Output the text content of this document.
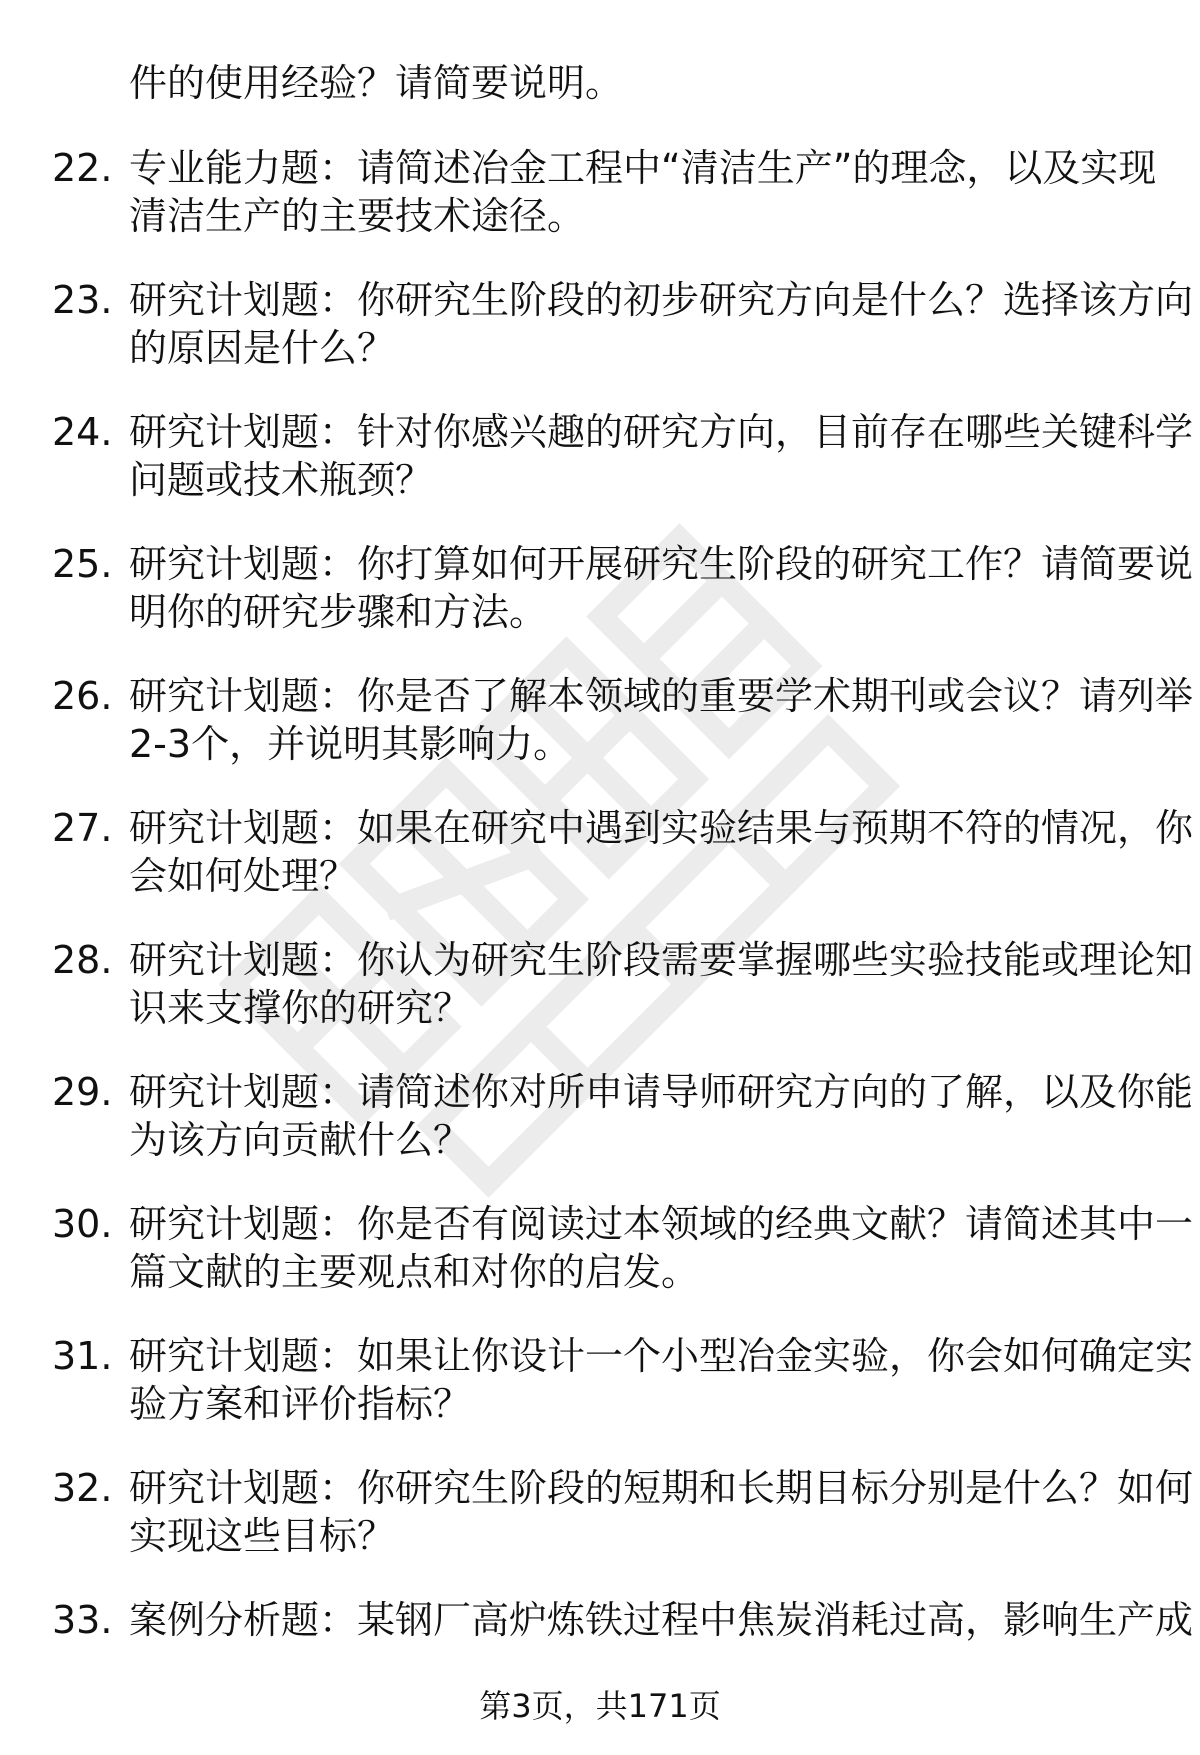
件的使用经验？请简要说明。
22. 专业能力题：请简述冶金工程中“清洁生产”的理念，以及实现
清洁生产的主要技术途径。
23. 研究计划题：你研究生阶段的初步研究方向是什么？选择该方向
的原因是什么？
24. 研究计划题：针对你感兴趣的研究方向，目前存在哪些关键科学
问题或技术瓶颈？
25. 研究计划题：你打算如何开展研究生阶段的研究工作？请简要说
明你的研究步骤和方法。
26. 研究计划题：你是否了解本领域的重要学术期刊或会议？请列举
2-3个，并说明其影响力。
27. 研究计划题：如果在研究中遇到实验结果与预期不符的情况，你
会如何处理？
28. 研究计划题：你认为研究生阶段需要掌握哪些实验技能或理论知
识来支撑你的研究？
29. 研究计划题：请简述你对所申请导师研究方向的了解，以及你能
为该方向贡献什么？
30. 研究计划题：你是否有阅读过本领域的经典文献？请简述其中一
篇文献的主要观点和对你的启发。
31. 研究计划题：如果让你设计一个小型冶金实验，你会如何确定实
验方案和评价指标？
32. 研究计划题：你研究生阶段的短期和长期目标分别是什么？如何
实现这些目标？
33. 案例分析题：某钢厂高炉炼铁过程中焦炭消耗过高，影响生产成
第3页，共171页
